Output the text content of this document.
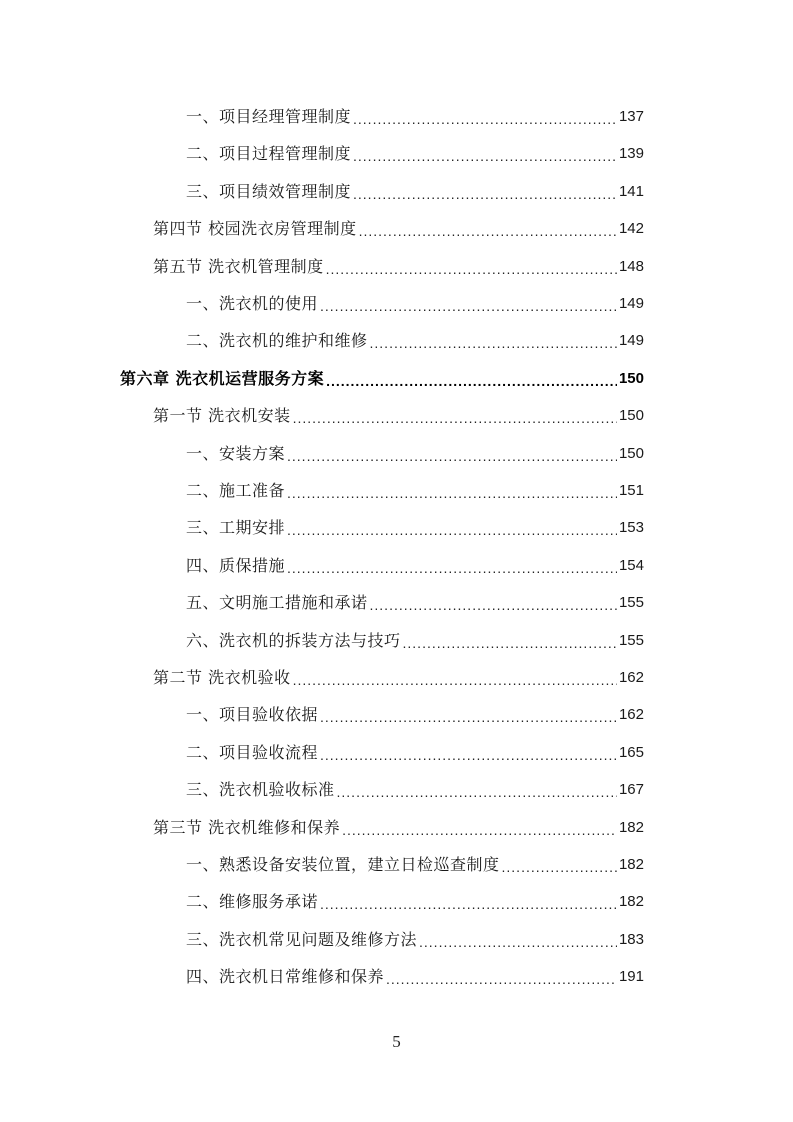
一、项目经理管理制度 .....	137
二、项目过程管理制度 .....	139
三、项目绩效管理制度 .....	141
第四节 校园洗衣房管理制度 .....	142
第五节 洗衣机管理制度 .....	148
一、洗衣机的使用 .....	149
二、洗衣机的维护和维修 .....	149
第六章 洗衣机运营服务方案 .....	150
第一节 洗衣机安装 .....	150
一、安装方案 .....	150
二、施工准备 .....	151
三、工期安排 .....	153
四、质保措施 .....	154
五、文明施工措施和承诺 .....	155
六、洗衣机的拆装方法与技巧 .....	155
第二节 洗衣机验收 .....	162
一、项目验收依据 .....	162
二、项目验收流程 .....	165
三、洗衣机验收标准 .....	167
第三节 洗衣机维修和保养 .....	182
一、熟悉设备安装位置，建立日检巡查制度 .....	182
二、维修服务承诺 .....	182
三、洗衣机常见问题及维修方法 .....	183
四、洗衣机日常维修和保养 .....	191
5
